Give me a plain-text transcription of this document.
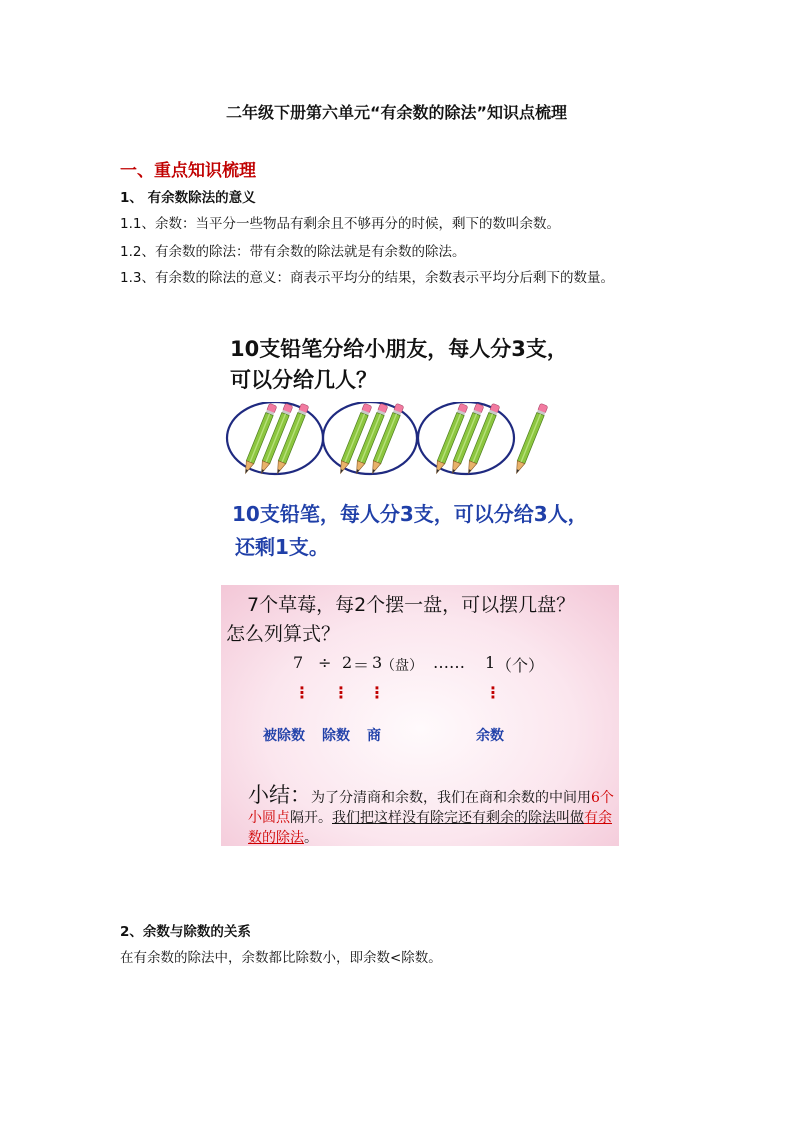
二年级下册第六单元“有余数的除法”知识点梳理
一、重点知识梳理
1、 有余数除法的意义
1.1、余数：当平分一些物品有剩余且不够再分的时候，剩下的数叫余数。
1.2、有余数的除法：带有余数的除法就是有余数的除法。
1.3、有余数的除法的意义：商表示平均分的结果，余数表示平均分后剩下的数量。
10支铅笔分给小朋友，每人分3支，
可以分给几人？
10支铅笔，每人分3支，可以分给3人，
还剩1支。
7个草莓，每2个摆一盘，可以摆几盘？
怎么列算式？
7 ÷ 2 ＝ 3
（盘） …… 1 （个）
⋮ ⋮ ⋮	⋮
被除数 除数 商	余数
小结：为了分清商和余数，我们在商和余数的中间用6个小圆点隔开。我们把这样没有除完还有剩余的除法叫做有余数的除法。
2、余数与除数的关系
在有余数的除法中，余数都比除数小，即余数<除数。
